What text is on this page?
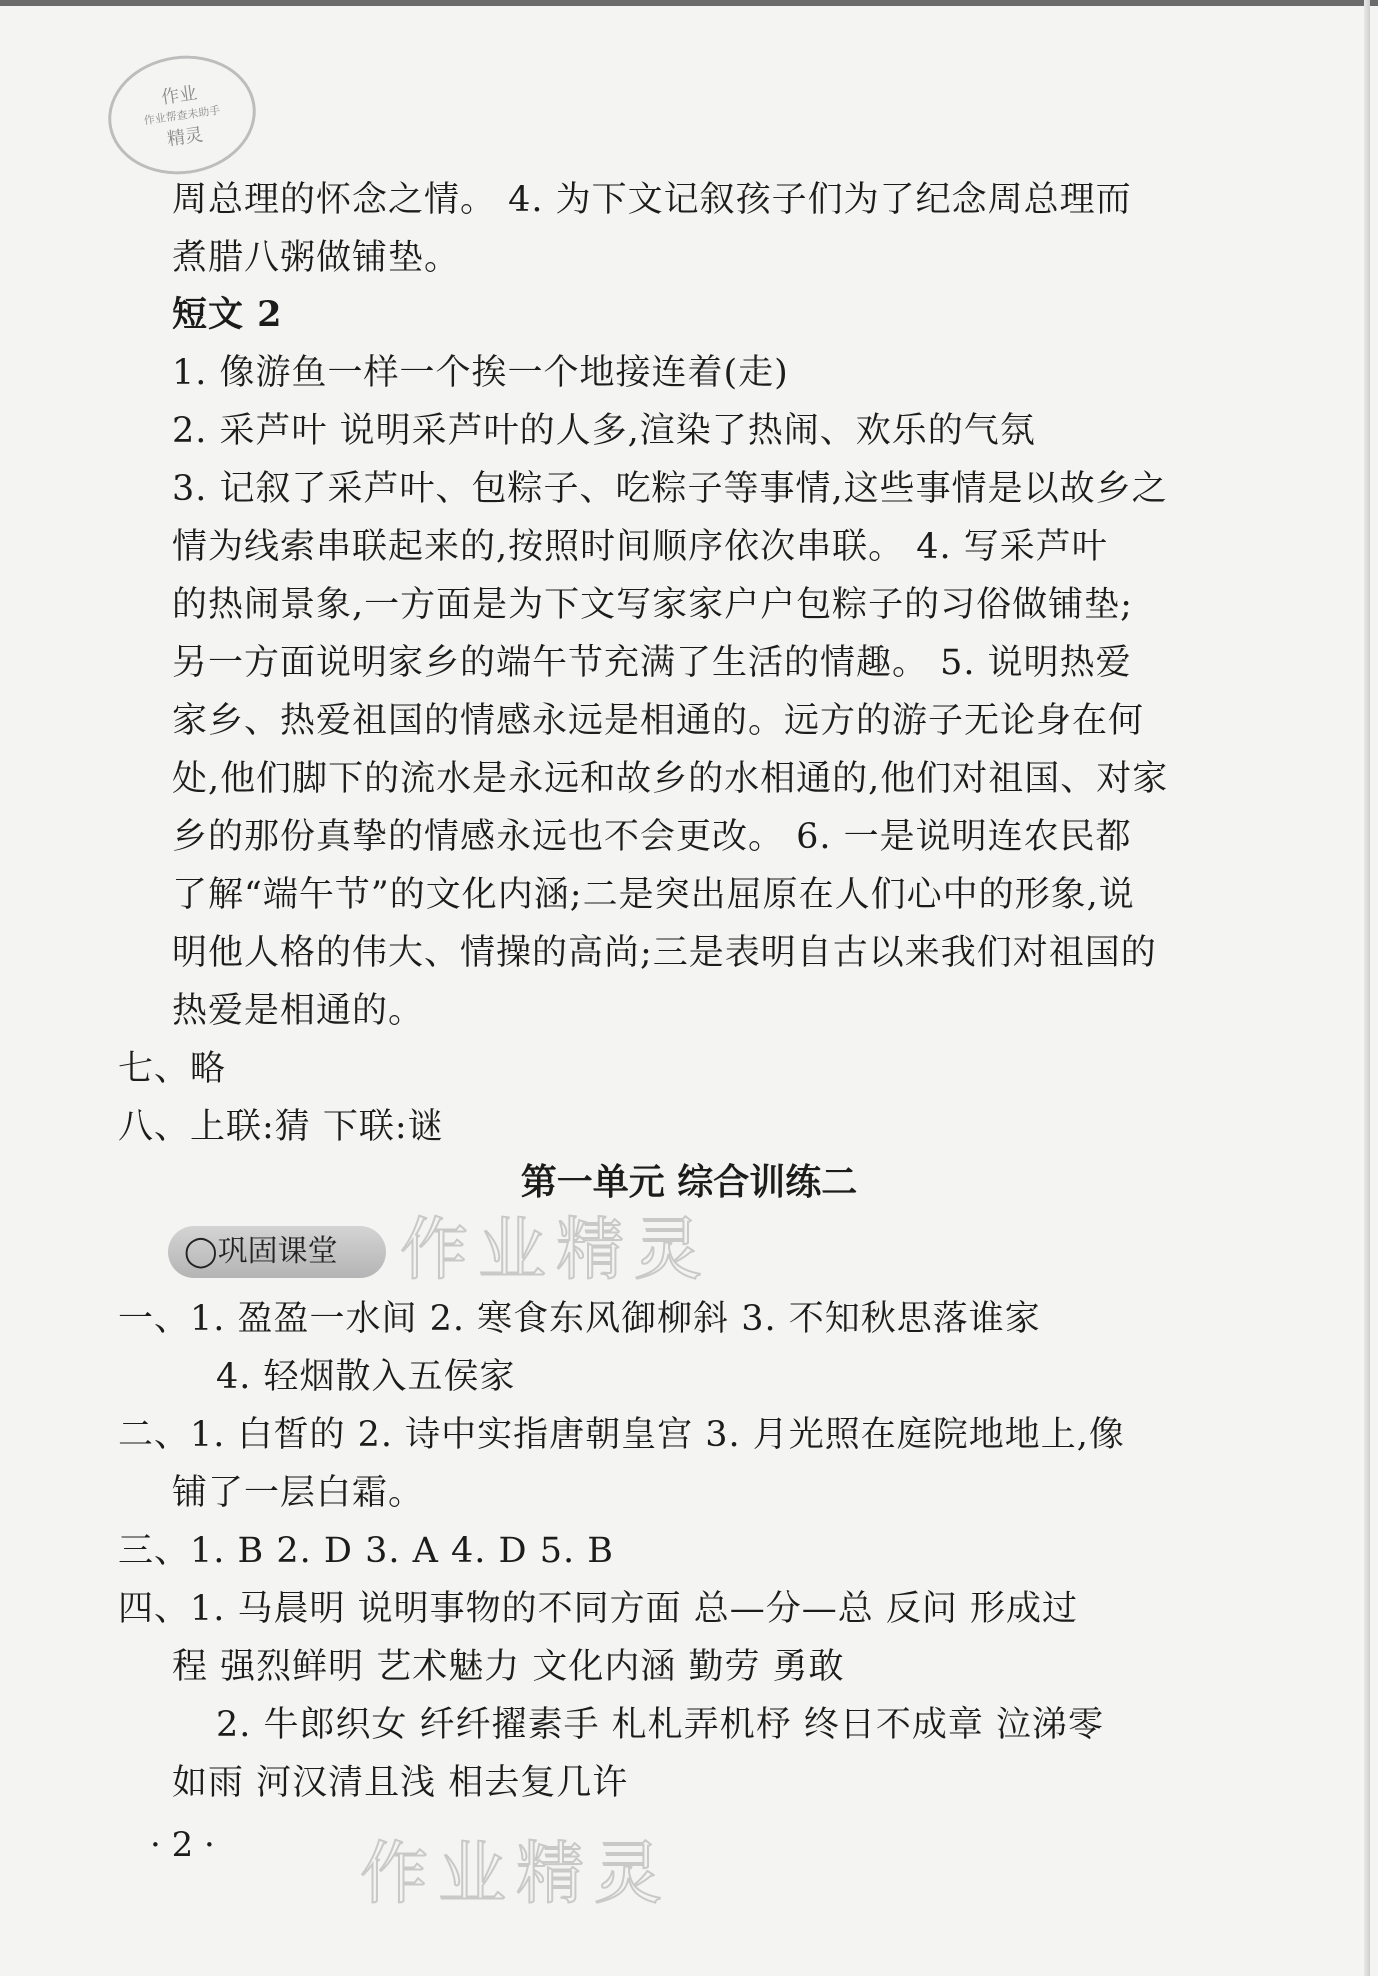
作业
作业帮查未助手
精灵
周总理的怀念之情。 4. 为下文记叙孩子们为了纪念周总理而
煮腊八粥做铺垫。
短文 2
1. 像游鱼一样一个挨一个地接连着(走)
2. 采芦叶 说明采芦叶的人多,渲染了热闹、欢乐的气氛
3. 记叙了采芦叶、包粽子、吃粽子等事情,这些事情是以故乡之
情为线索串联起来的,按照时间顺序依次串联。 4. 写采芦叶
的热闹景象,一方面是为下文写家家户户包粽子的习俗做铺垫;
另一方面说明家乡的端午节充满了生活的情趣。 5. 说明热爱
家乡、热爱祖国的情感永远是相通的。远方的游子无论身在何
处,他们脚下的流水是永远和故乡的水相通的,他们对祖国、对家
乡的那份真挚的情感永远也不会更改。 6. 一是说明连农民都
了解“端午节”的文化内涵;二是突出屈原在人们心中的形象,说
明他人格的伟大、情操的高尚;三是表明自古以来我们对祖国的
热爱是相通的。
七、略
八、上联:猜 下联:谜
第一单元 综合训练二
◯巩固课堂 作业精灵
一、1. 盈盈一水间 2. 寒食东风御柳斜 3. 不知秋思落谁家
4. 轻烟散入五侯家
二、1. 白皙的 2. 诗中实指唐朝皇宫 3. 月光照在庭院地地上,像
铺了一层白霜。
三、1. B 2. D 3. A 4. D 5. B
四、1. 马晨明 说明事物的不同方面 总—分—总 反问 形成过
程 强烈鲜明 艺术魅力 文化内涵 勤劳 勇敢
2. 牛郎织女 纤纤擢素手 札札弄机杼 终日不成章 泣涕零
如雨 河汉清且浅 相去复几许
作业精灵
· 2 ·
